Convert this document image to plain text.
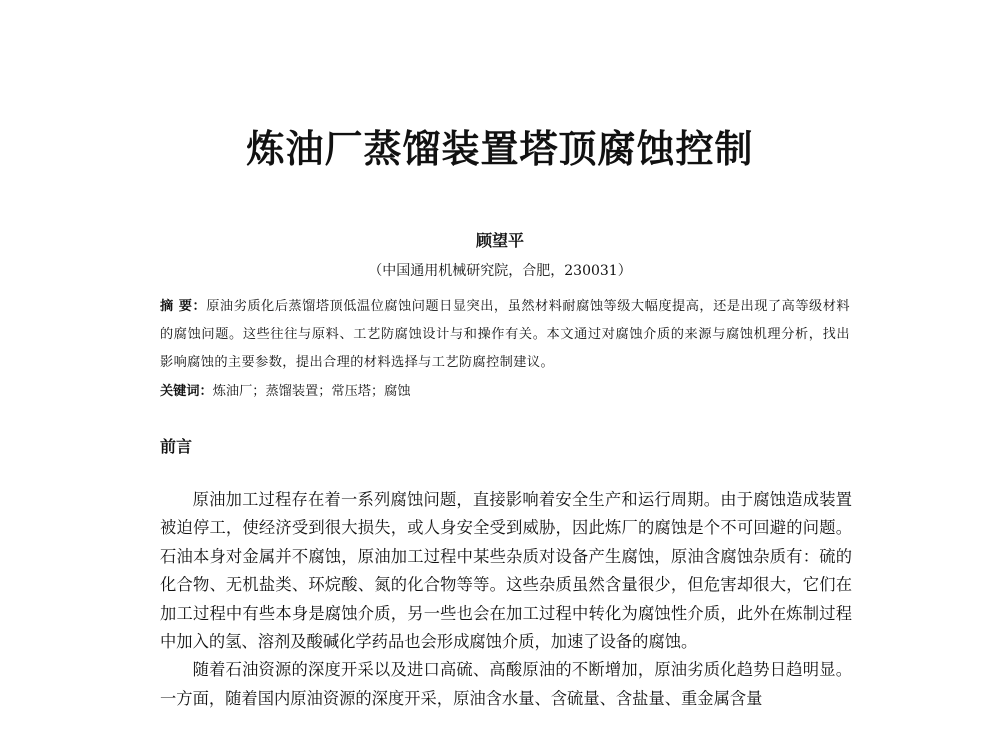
炼油厂蒸馏装置塔顶腐蚀控制
顾望平
（中国通用机械研究院，合肥，230031）
摘 要：原油劣质化后蒸馏塔顶低温位腐蚀问题日显突出，虽然材料耐腐蚀等级大幅度提高，还是出现了高等级材料的腐蚀问题。这些往往与原料、工艺防腐蚀设计与和操作有关。本文通过对腐蚀介质的来源与腐蚀机理分析，找出影响腐蚀的主要参数，提出合理的材料选择与工艺防腐控制建议。
关键词：炼油厂；蒸馏装置；常压塔；腐蚀
前言

原油加工过程存在着一系列腐蚀问题，直接影响着安全生产和运行周期。由于腐蚀造成装置被迫停工，使经济受到很大损失，或人身安全受到威胁，因此炼厂的腐蚀是个不可回避的问题。石油本身对金属并不腐蚀，原油加工过程中某些杂质对设备产生腐蚀，原油含腐蚀杂质有：硫的化合物、无机盐类、环烷酸、氮的化合物等等。这些杂质虽然含量很少，但危害却很大，它们在加工过程中有些本身是腐蚀介质，另一些也会在加工过程中转化为腐蚀性介质，此外在炼制过程中加入的氢、溶剂及酸碱化学药品也会形成腐蚀介质，加速了设备的腐蚀。

随着石油资源的深度开采以及进口高硫、高酸原油的不断增加，原油劣质化趋势日趋明显。一方面，随着国内原油资源的深度开采，原油含水量、含硫量、含盐量、重金属含量
